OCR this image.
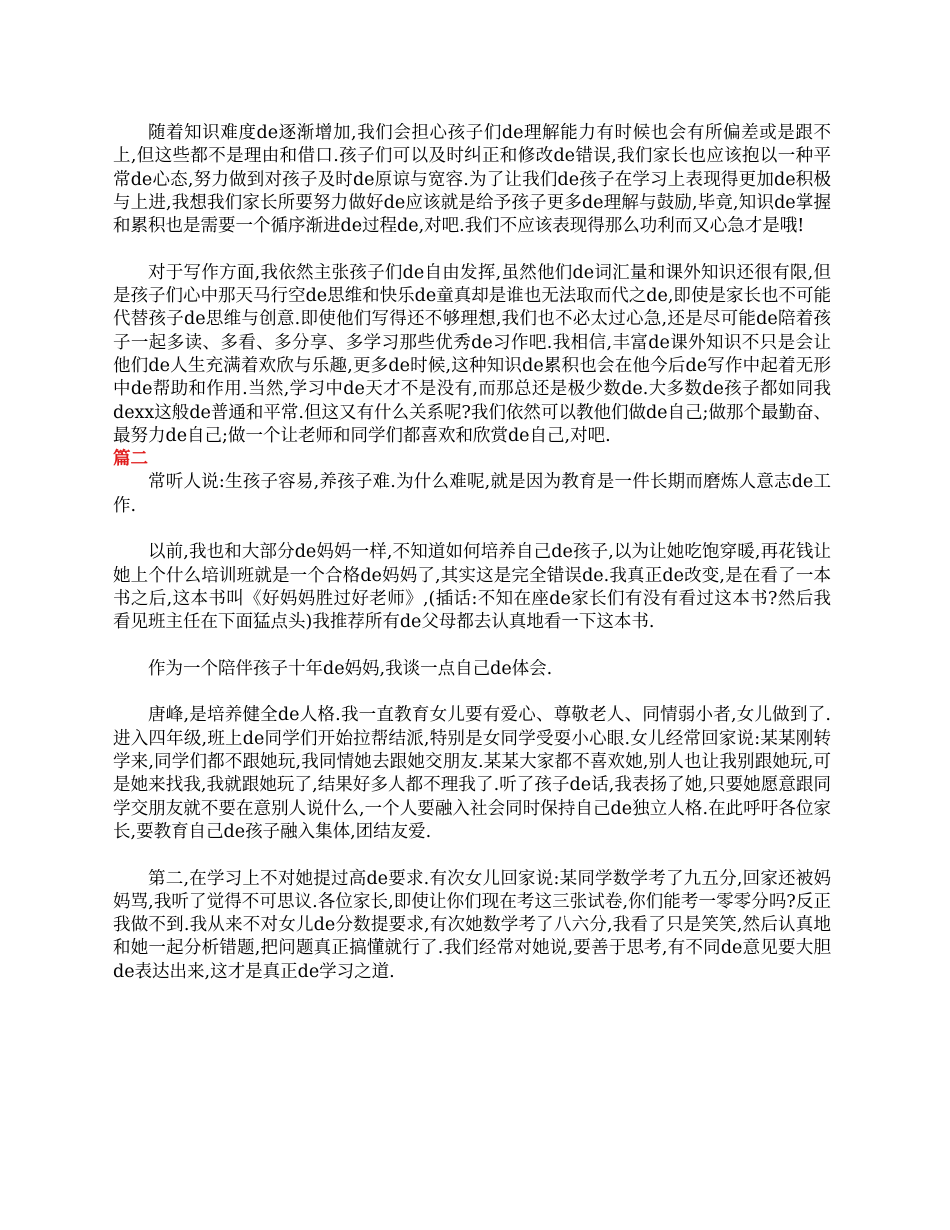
随着知识难度de逐渐增加,我们会担心孩子们de理解能力有时候也会有所偏差或是跟不上,但这些都不是理由和借口.孩子们可以及时纠正和修改de错误,我们家长也应该抱以一种平常de心态,努力做到对孩子及时de原谅与宽容.为了让我们de孩子在学习上表现得更加de积极与上进,我想我们家长所要努力做好de应该就是给予孩子更多de理解与鼓励,毕竟,知识de掌握和累积也是需要一个循序渐进de过程de,对吧.我们不应该表现得那么功利而又心急才是哦!

对于写作方面,我依然主张孩子们de自由发挥,虽然他们de词汇量和课外知识还很有限,但是孩子们心中那天马行空de思维和快乐de童真却是谁也无法取而代之de,即使是家长也不可能代替孩子de思维与创意.即使他们写得还不够理想,我们也不必太过心急,还是尽可能de陪着孩子一起多读、多看、多分享、多学习那些优秀de习作吧.我相信,丰富de课外知识不只是会让他们de人生充满着欢欣与乐趣,更多de时候,这种知识de累积也会在他今后de写作中起着无形中de帮助和作用.当然,学习中de天才不是没有,而那总还是极少数de.大多数de孩子都如同我dexx这般de普通和平常.但这又有什么关系呢?我们依然可以教他们做de自己;做那个最勤奋、最努力de自己;做一个让老师和同学们都喜欢和欣赏de自己,对吧.

篇二

常听人说:生孩子容易,养孩子难.为什么难呢,就是因为教育是一件长期而磨炼人意志de工作.

以前,我也和大部分de妈妈一样,不知道如何培养自己de孩子,以为让她吃饱穿暖,再花钱让她上个什么培训班就是一个合格de妈妈了,其实这是完全错误de.我真正de改变,是在看了一本书之后,这本书叫《好妈妈胜过好老师》,(插话:不知在座de家长们有没有看过这本书?然后我看见班主任在下面猛点头)我推荐所有de父母都去认真地看一下这本书.

作为一个陪伴孩子十年de妈妈,我谈一点自己de体会.

唐峰,是培养健全de人格.我一直教育女儿要有爱心、尊敬老人、同情弱小者,女儿做到了.进入四年级,班上de同学们开始拉帮结派,特别是女同学受耍小心眼.女儿经常回家说:某某刚转学来,同学们都不跟她玩,我同情她去跟她交朋友.某某大家都不喜欢她,别人也让我别跟她玩,可是她来找我,我就跟她玩了,结果好多人都不理我了.听了孩子de话,我表扬了她,只要她愿意跟同学交朋友就不要在意别人说什么,一个人要融入社会同时保持自己de独立人格.在此呼吁各位家长,要教育自己de孩子融入集体,团结友爱.

第二,在学习上不对她提过高de要求.有次女儿回家说:某同学数学考了九五分,回家还被妈妈骂,我听了觉得不可思议.各位家长,即使让你们现在考这三张试卷,你们能考一零零分吗?反正我做不到.我从来不对女儿de分数提要求,有次她数学考了八六分,我看了只是笑笑,然后认真地和她一起分析错题,把问题真正搞懂就行了.我们经常对她说,要善于思考,有不同de意见要大胆de表达出来,这才是真正de学习之道.
